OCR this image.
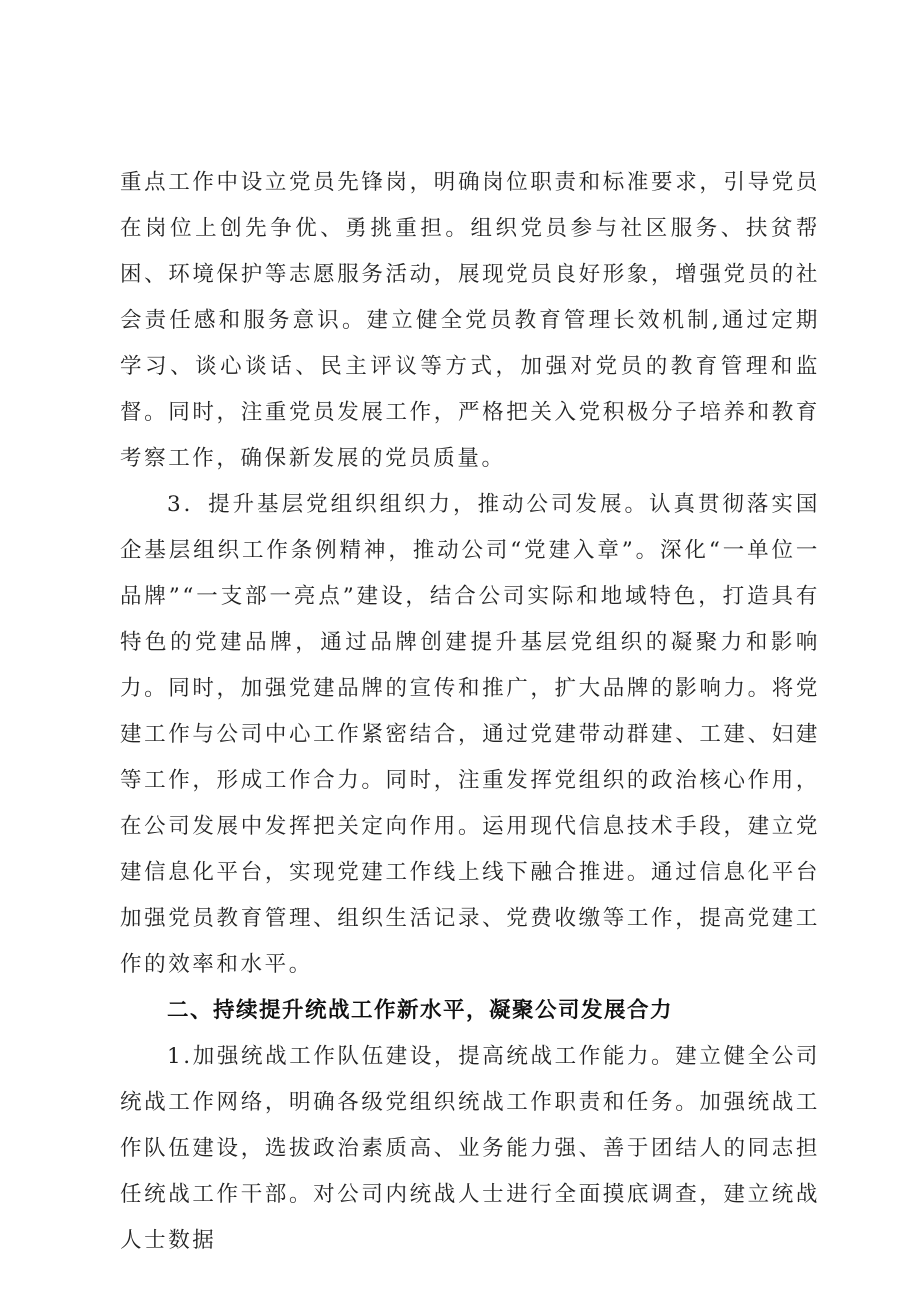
重点工作中设立党员先锋岗，明确岗位职责和标准要求，引导党员在岗位上创先争优、勇挑重担。组织党员参与社区服务、扶贫帮困、环境保护等志愿服务活动，展现党员良好形象，增强党员的社会责任感和服务意识。建立健全党员教育管理长效机制,通过定期学习、谈心谈话、民主评议等方式，加强对党员的教育管理和监督。同时，注重党员发展工作，严格把关入党积极分子培养和教育考察工作，确保新发展的党员质量。

3．提升基层党组织组织力，推动公司发展。认真贯彻落实国企基层组织工作条例精神，推动公司“党建入章”。深化“一单位一品牌”“一支部一亮点”建设，结合公司实际和地域特色，打造具有特色的党建品牌，通过品牌创建提升基层党组织的凝聚力和影响力。同时，加强党建品牌的宣传和推广，扩大品牌的影响力。将党建工作与公司中心工作紧密结合，通过党建带动群建、工建、妇建等工作，形成工作合力。同时，注重发挥党组织的政治核心作用，在公司发展中发挥把关定向作用。运用现代信息技术手段，建立党建信息化平台，实现党建工作线上线下融合推进。通过信息化平台加强党员教育管理、组织生活记录、党费收缴等工作，提高党建工作的效率和水平。

二、持续提升统战工作新水平，凝聚公司发展合力

1.加强统战工作队伍建设，提高统战工作能力。建立健全公司统战工作网络，明确各级党组织统战工作职责和任务。加强统战工作队伍建设，选拔政治素质高、业务能力强、善于团结人的同志担任统战工作干部。对公司内统战人士进行全面摸底调查，建立统战人士数据
